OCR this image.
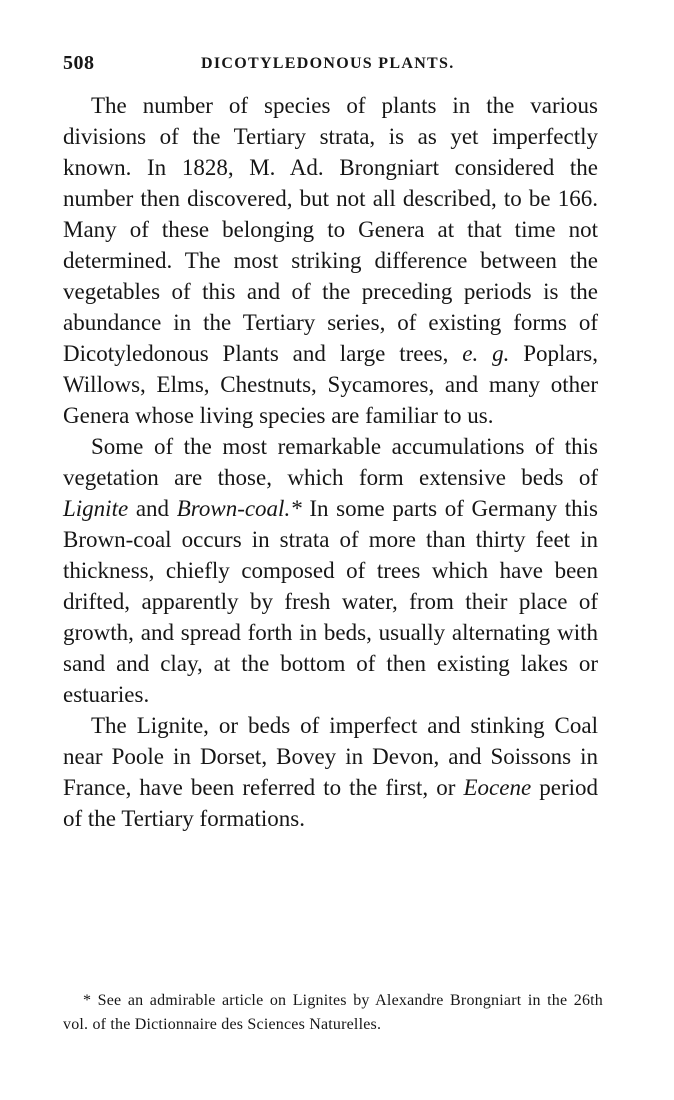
508	DICOTYLEDONOUS PLANTS.

The number of species of plants in the various divisions of the Tertiary strata, is as yet imperfectly known. In 1828, M. Ad. Brongniart considered the number then discovered, but not all described, to be 166. Many of these belonging to Genera at that time not determined. The most striking difference between the vegetables of this and of the preceding periods is the abundance in the Tertiary series, of existing forms of Dicotyledonous Plants and large trees, e. g. Poplars, Willows, Elms, Chestnuts, Sycamores, and many other Genera whose living species are familiar to us.

Some of the most remarkable accumulations of this vegetation are those, which form extensive beds of Lignite and Brown-coal.* In some parts of Germany this Brown-coal occurs in strata of more than thirty feet in thickness, chiefly composed of trees which have been drifted, apparently by fresh water, from their place of growth, and spread forth in beds, usually alternating with sand and clay, at the bottom of then existing lakes or estuaries.

The Lignite, or beds of imperfect and stinking Coal near Poole in Dorset, Bovey in Devon, and Soissons in France, have been referred to the first, or Eocene period of the Tertiary formations.

* See an admirable article on Lignites by Alexandre Brongniart in the 26th vol. of the Dictionnaire des Sciences Naturelles.
